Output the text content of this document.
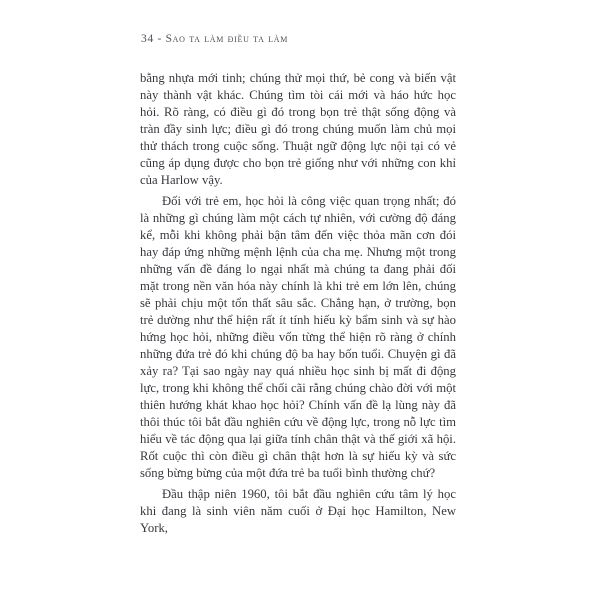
34 - Sao ta làm điều ta làm

bằng nhựa mới tinh; chúng thử mọi thứ, bẻ cong và biến vật này thành vật khác. Chúng tìm tòi cái mới và háo hức học hỏi. Rõ ràng, có điều gì đó trong bọn trẻ thật sống động và tràn đầy sinh lực; điều gì đó trong chúng muốn làm chủ mọi thử thách trong cuộc sống. Thuật ngữ động lực nội tại có vẻ cũng áp dụng được cho bọn trẻ giống như với những con khỉ của Harlow vậy.

Đối với trẻ em, học hỏi là công việc quan trọng nhất; đó là những gì chúng làm một cách tự nhiên, với cường độ đáng kể, mỗi khi không phải bận tâm đến việc thỏa mãn cơn đói hay đáp ứng những mệnh lệnh của cha mẹ. Nhưng một trong những vấn đề đáng lo ngại nhất mà chúng ta đang phải đối mặt trong nền văn hóa này chính là khi trẻ em lớn lên, chúng sẽ phải chịu một tổn thất sâu sắc. Chẳng hạn, ở trường, bọn trẻ dường như thể hiện rất ít tính hiếu kỳ bẩm sinh và sự hào hứng học hỏi, những điều vốn từng thể hiện rõ ràng ở chính những đứa trẻ đó khi chúng độ ba hay bốn tuổi. Chuyện gì đã xảy ra? Tại sao ngày nay quá nhiều học sinh bị mất đi động lực, trong khi không thể chối cãi rằng chúng chào đời với một thiên hướng khát khao học hỏi? Chính vấn đề lạ lùng này đã thôi thúc tôi bắt đầu nghiên cứu về động lực, trong nỗ lực tìm hiểu về tác động qua lại giữa tính chân thật và thế giới xã hội. Rốt cuộc thì còn điều gì chân thật hơn là sự hiếu kỳ và sức sống bừng bừng của một đứa trẻ ba tuổi bình thường chứ?

Đầu thập niên 1960, tôi bắt đầu nghiên cứu tâm lý học khi đang là sinh viên năm cuối ở Đại học Hamilton, New York,
